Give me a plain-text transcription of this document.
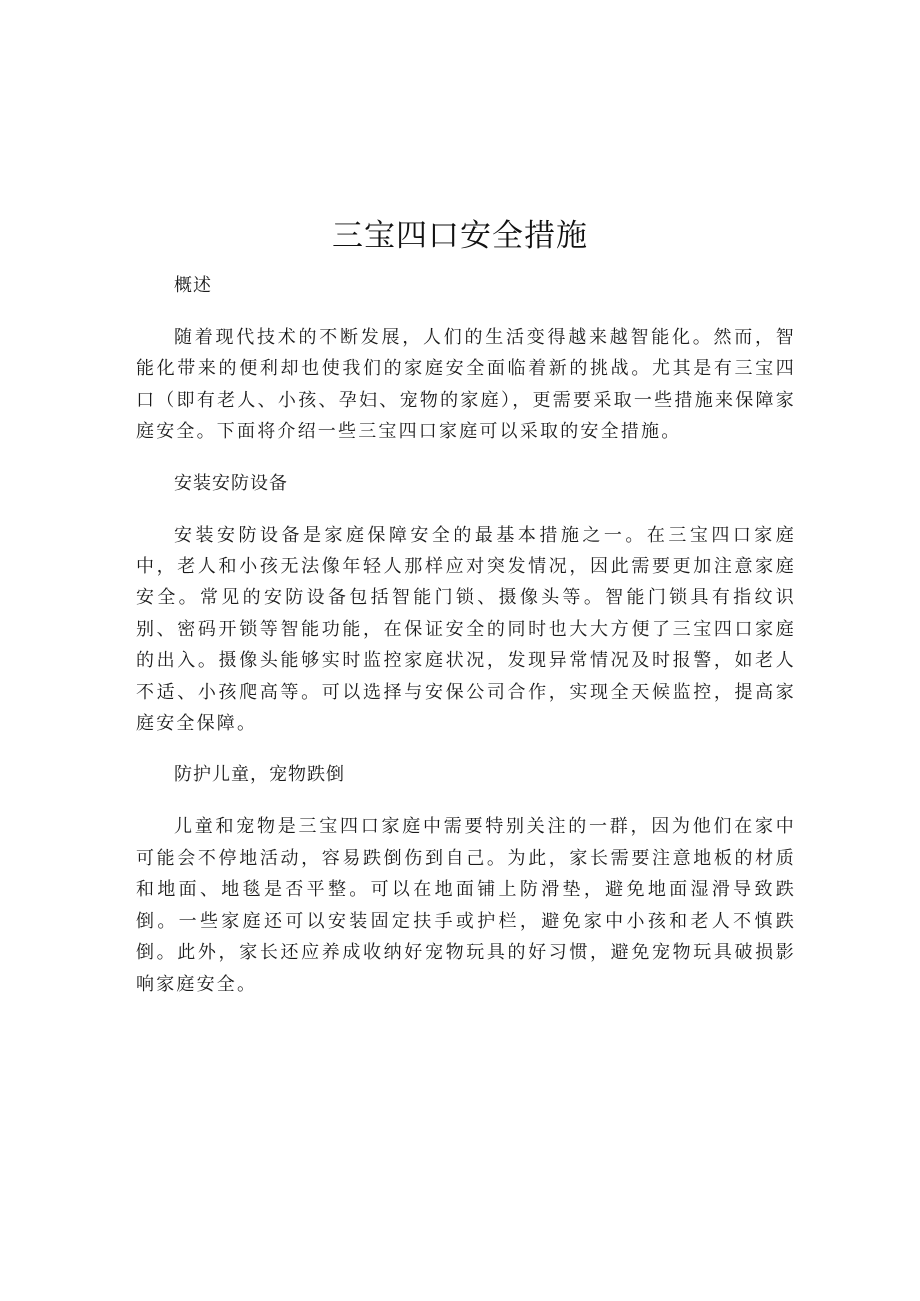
三宝四口安全措施

概述

随着现代技术的不断发展，人们的生活变得越来越智能化。然而，智能化带来的便利却也使我们的家庭安全面临着新的挑战。尤其是有三宝四口（即有老人、小孩、孕妇、宠物的家庭），更需要采取一些措施来保障家庭安全。下面将介绍一些三宝四口家庭可以采取的安全措施。

安装安防设备

安装安防设备是家庭保障安全的最基本措施之一。在三宝四口家庭中，老人和小孩无法像年轻人那样应对突发情况，因此需要更加注意家庭安全。常见的安防设备包括智能门锁、摄像头等。智能门锁具有指纹识别、密码开锁等智能功能，在保证安全的同时也大大方便了三宝四口家庭的出入。摄像头能够实时监控家庭状况，发现异常情况及时报警，如老人不适、小孩爬高等。可以选择与安保公司合作，实现全天候监控，提高家庭安全保障。

防护儿童，宠物跌倒

儿童和宠物是三宝四口家庭中需要特别关注的一群，因为他们在家中可能会不停地活动，容易跌倒伤到自己。为此，家长需要注意地板的材质和地面、地毯是否平整。可以在地面铺上防滑垫，避免地面湿滑导致跌倒。一些家庭还可以安装固定扶手或护栏，避免家中小孩和老人不慎跌倒。此外，家长还应养成收纳好宠物玩具的好习惯，避免宠物玩具破损影响家庭安全。
